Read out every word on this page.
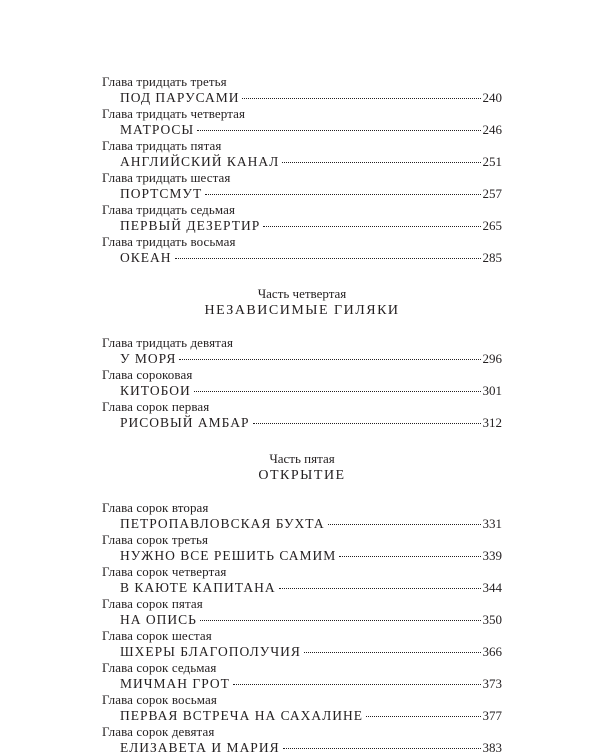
Глава тридцать третья
ПОД ПАРУСАМИ	240
Глава тридцать четвертая
МАТРОСЫ	246
Глава тридцать пятая
АНГЛИЙСКИЙ КАНАЛ	251
Глава тридцать шестая
ПОРТСМУТ	257
Глава тридцать седьмая
ПЕРВЫЙ ДЕЗЕРТИР	265
Глава тридцать восьмая
ОКЕАН	285
Часть четвертая
НЕЗАВИСИМЫЕ ГИЛЯКИ
Глава тридцать девятая
У МОРЯ	296
Глава сороковая
КИТОБОИ	301
Глава сорок первая
РИСОВЫЙ АМБАР	312
Часть пятая
ОТКРЫТИЕ
Глава сорок вторая
ПЕТРОПАВЛОВСКАЯ БУХТА	331
Глава сорок третья
НУЖНО ВСЕ РЕШИТЬ САМИМ	339
Глава сорок четвертая
В КАЮТЕ КАПИТАНА	344
Глава сорок пятая
НА ОПИСЬ	350
Глава сорок шестая
ШХЕРЫ БЛАГОПОЛУЧИЯ	366
Глава сорок седьмая
МИЧМАН ГРОТ	373
Глава сорок восьмая
ПЕРВАЯ ВСТРЕЧА НА САХАЛИНЕ	377
Глава сорок девятая
ЕЛИЗАВЕТА И МАРИЯ	383
